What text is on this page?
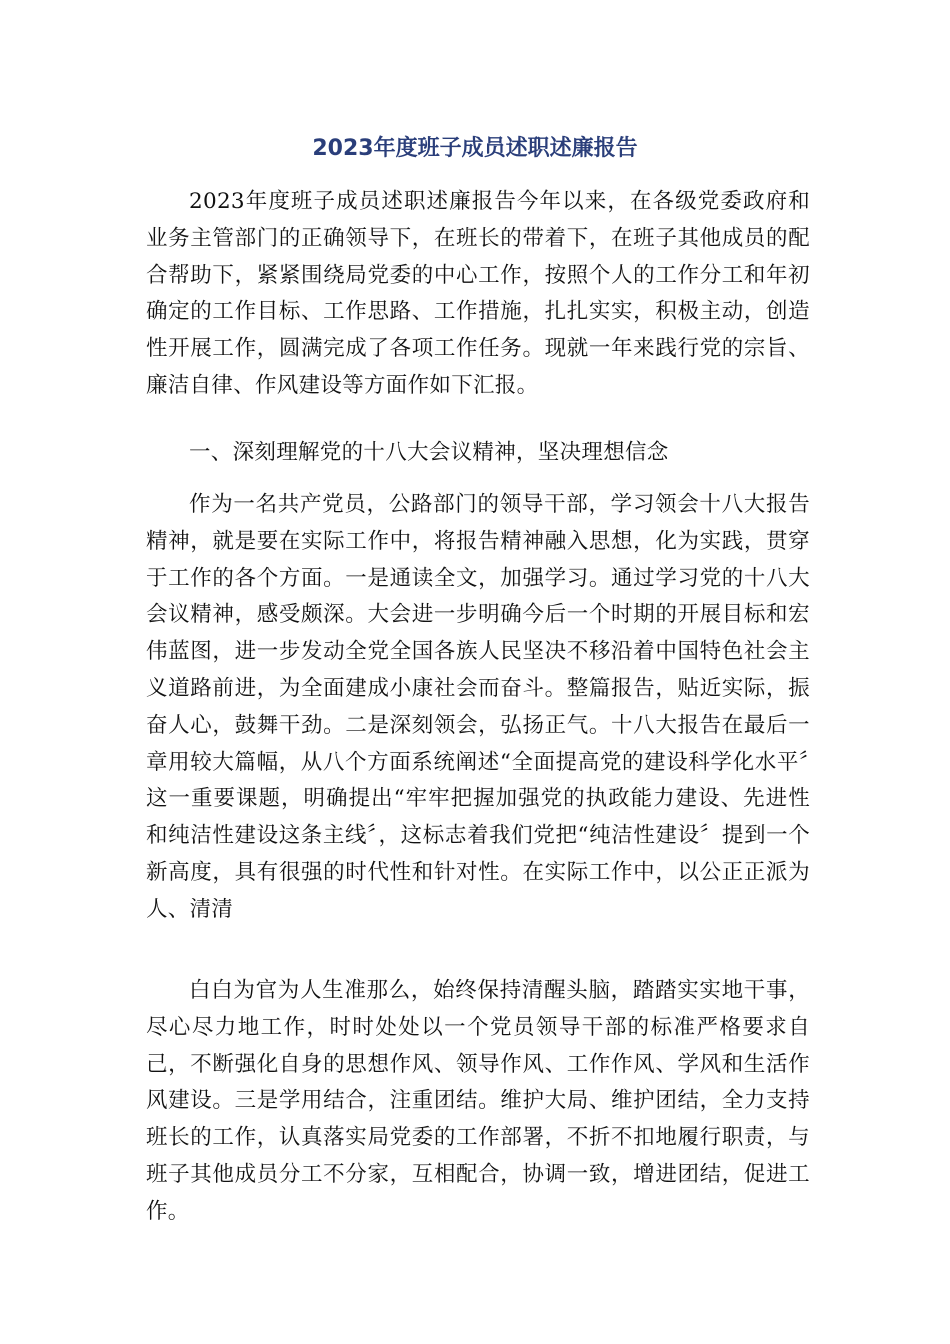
2023年度班子成员述职述廉报告

2023年度班子成员述职述廉报告今年以来，在各级党委政府和业务主管部门的正确领导下，在班长的带着下，在班子其他成员的配合帮助下，紧紧围绕局党委的中心工作，按照个人的工作分工和年初确定的工作目标、工作思路、工作措施，扎扎实实，积极主动，创造性开展工作，圆满完成了各项工作任务。现就一年来践行党的宗旨、廉洁自律、作风建设等方面作如下汇报。

一、深刻理解党的十八大会议精神，坚决理想信念

作为一名共产党员，公路部门的领导干部，学习领会十八大报告精神，就是要在实际工作中，将报告精神融入思想，化为实践，贯穿于工作的各个方面。一是通读全文，加强学习。通过学习党的十八大会议精神，感受颇深。大会进一步明确今后一个时期的开展目标和宏伟蓝图，进一步发动全党全国各族人民坚决不移沿着中国特色社会主义道路前进，为全面建成小康社会而奋斗。整篇报告，贴近实际，振奋人心，鼓舞干劲。二是深刻领会，弘扬正气。十八大报告在最后一章用较大篇幅，从八个方面系统阐述“全面提高党的建设科学化水平〞这一重要课题，明确提出“牢牢把握加强党的执政能力建设、先进性和纯洁性建设这条主线〞，这标志着我们党把“纯洁性建设〞提到一个新高度，具有很强的时代性和针对性。在实际工作中，以公正正派为人、清清

白白为官为人生准那么，始终保持清醒头脑，踏踏实实地干事，尽心尽力地工作，时时处处以一个党员领导干部的标准严格要求自己，不断强化自身的思想作风、领导作风、工作作风、学风和生活作风建设。三是学用结合，注重团结。维护大局、维护团结，全力支持班长的工作，认真落实局党委的工作部署，不折不扣地履行职责，与班子其他成员分工不分家，互相配合，协调一致，增进团结，促进工作。
